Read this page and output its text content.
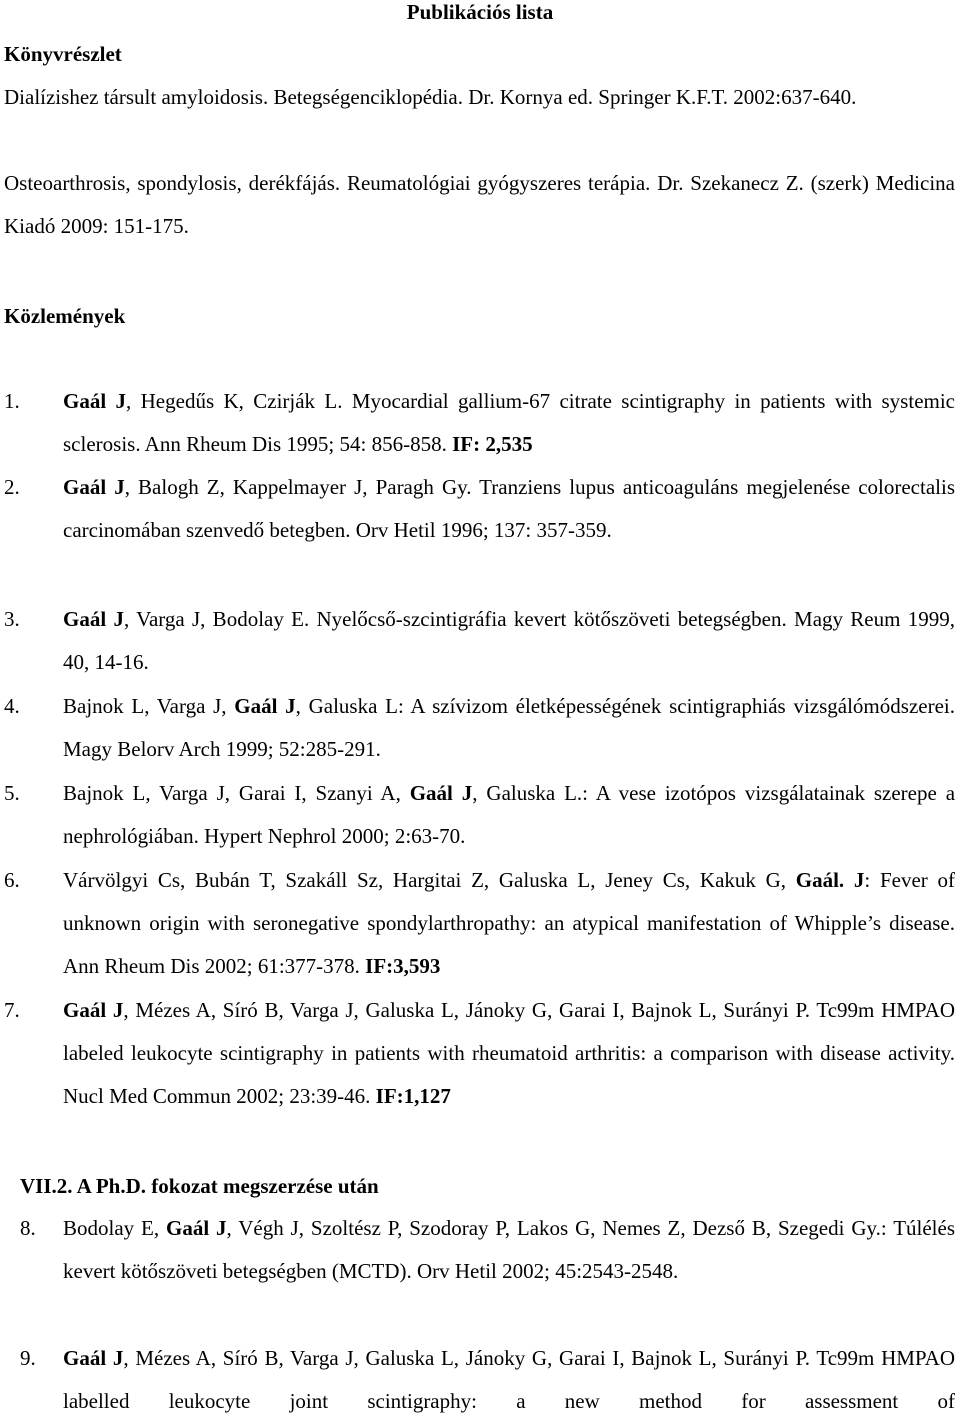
Publikációs lista
Könyvrészlet
Dialízishez társult amyloidosis. Betegségenciklopédia. Dr. Kornya ed. Springer K.F.T. 2002:637-640.
Osteoarthrosis, spondylosis, derékfájás. Reumatológiai gyógyszeres terápia. Dr. Szekanecz Z. (szerk) Medicina Kiadó 2009: 151-175.
Közlemények
1. Gaál J, Hegedűs K, Czirják L. Myocardial gallium-67 citrate scintigraphy in patients with systemic sclerosis. Ann Rheum Dis 1995; 54: 856-858. IF: 2,535
2. Gaál J, Balogh Z, Kappelmayer J, Paragh Gy. Tranziens lupus anticoaguláns megjelenése colorectalis carcinomában szenvedő betegben. Orv Hetil 1996; 137: 357-359.
3. Gaál J, Varga J, Bodolay E. Nyelőcső-szcintigráfia kevert kötőszöveti betegségben. Magy Reum 1999, 40, 14-16.
4. Bajnok L, Varga J, Gaál J, Galuska L: A szívizom életképességének scintigraphiás vizsgálómódszerei. Magy Belorv Arch 1999; 52:285-291.
5. Bajnok L, Varga J, Garai I, Szanyi A, Gaál J, Galuska L.: A vese izotópos vizsgálatainak szerepe a nephrológiában. Hypert Nephrol 2000; 2:63-70.
6. Várvölgyi Cs, Bubán T, Szakáll Sz, Hargitai Z, Galuska L, Jeney Cs, Kakuk G, Gaál. J: Fever of unknown origin with seronegative spondylarthropathy: an atypical manifestation of Whipple’s disease. Ann Rheum Dis 2002; 61:377-378. IF:3,593
7. Gaál J, Mézes A, Síró B, Varga J, Galuska L, Jánoky G, Garai I, Bajnok L, Surányi P. Tc99m HMPAO labeled leukocyte scintigraphy in patients with rheumatoid arthritis: a comparison with disease activity. Nucl Med Commun 2002; 23:39-46. IF:1,127
VII.2. A Ph.D. fokozat megszerzése után
8. Bodolay E, Gaál J, Végh J, Szoltész P, Szodoray P, Lakos G, Nemes Z, Dezső B, Szegedi Gy.: Túlélés kevert kötőszöveti betegségben (MCTD). Orv Hetil 2002; 45:2543-2548.
9. Gaál J, Mézes A, Síró B, Varga J, Galuska L, Jánoky G, Garai I, Bajnok L, Surányi P. Tc99m HMPAO labelled leukocyte joint scintigraphy: a new method for assessment of
